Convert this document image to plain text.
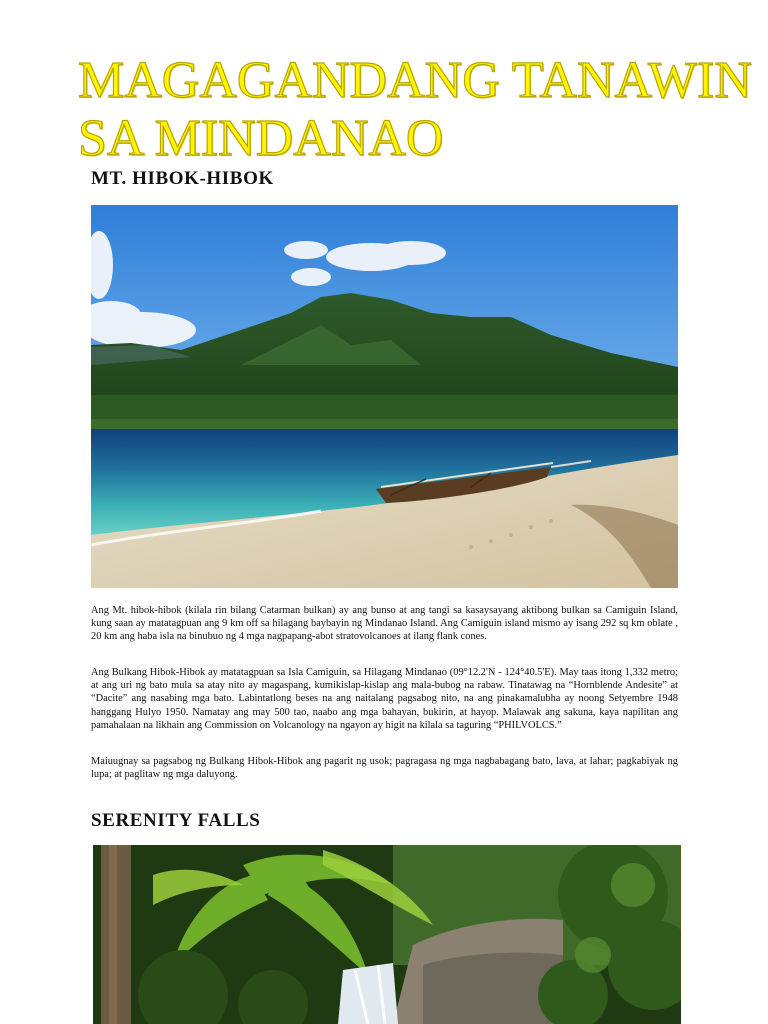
MAGAGANDANG TANAWIN
SA MINDANAO
MT. HIBOK-HIBOK

Ang Mt. hibok-hibok (kilala rin bilang Catarman bulkan) ay ang bunso at ang tangi sa kasaysayang aktibong bulkan sa Camiguin Island, kung saan ay matatagpuan ang 9 km off sa hilagang baybayin ng Mindanao Island. Ang Camiguin island mismo ay isang 292 sq km oblate , 20 km ang haba isla na binubuo ng 4 mga nagpapang-abot stratovolcanoes at ilang flank cones.

Ang Bulkang Hibok-Hibok ay matatagpuan sa Isla Camiguin, sa Hilagang Mindanao (09°12.2'N - 124°40.5'E). May taas itong 1,332 metro; at ang uri ng bato mula sa atay nito ay magaspang, kumikislap-kislap ang mala-bubog na rabaw. Tinatawag na “Hornblende Andesite” at “Dacite” ang nasabing mga bato. Labintatlong beses na ang naitalang pagsabog nito, na ang pinakamalubha ay noong Setyembre 1948 hanggang Hulyo 1950. Namatay ang may 500 tao, naabo ang mga bahayan, bukirin, at hayop. Malawak ang sakuna, kaya napilitan ang pamahalaan na likhain ang Commission on Volcanology na ngayon ay higit na kilala sa taguring “PHILVOLCS.”

Maiuugnay sa pagsabog ng Bulkang Hibok-Hibok ang pagarit ng usok; pagragasa ng mga nagbabagang bato, lava, at lahar; pagkabiyak ng lupa; at paglitaw ng mga daluyong.

SERENITY FALLS
